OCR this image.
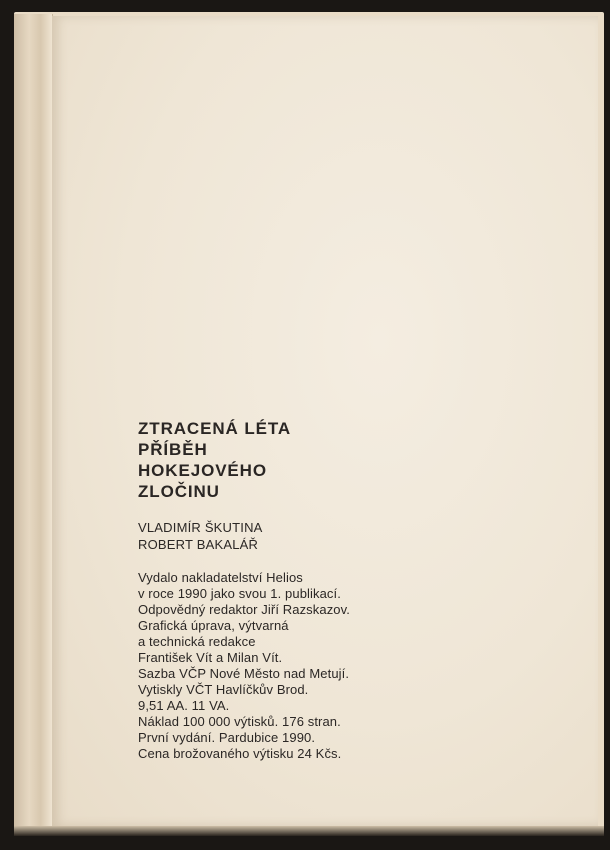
ZTRACENÁ LÉTA
PŘÍBĚH
HOKEJOVÉHO
ZLOČINU
VLADIMÍR ŠKUTINA
ROBERT BAKALÁŘ
Vydalo nakladatelství Helios
v roce 1990 jako svou 1. publikací.
Odpovědný redaktor Jiří Razskazov.
Grafická úprava, výtvarná
a technická redakce
František Vít a Milan Vít.
Sazba VČP Nové Město nad Metují.
Vytiskly VČT Havlíčkův Brod.
9,51 AA. 11 VA.
Náklad 100 000 výtisků. 176 stran.
První vydání. Pardubice 1990.
Cena brožovaného výtisku 24 Kčs.
